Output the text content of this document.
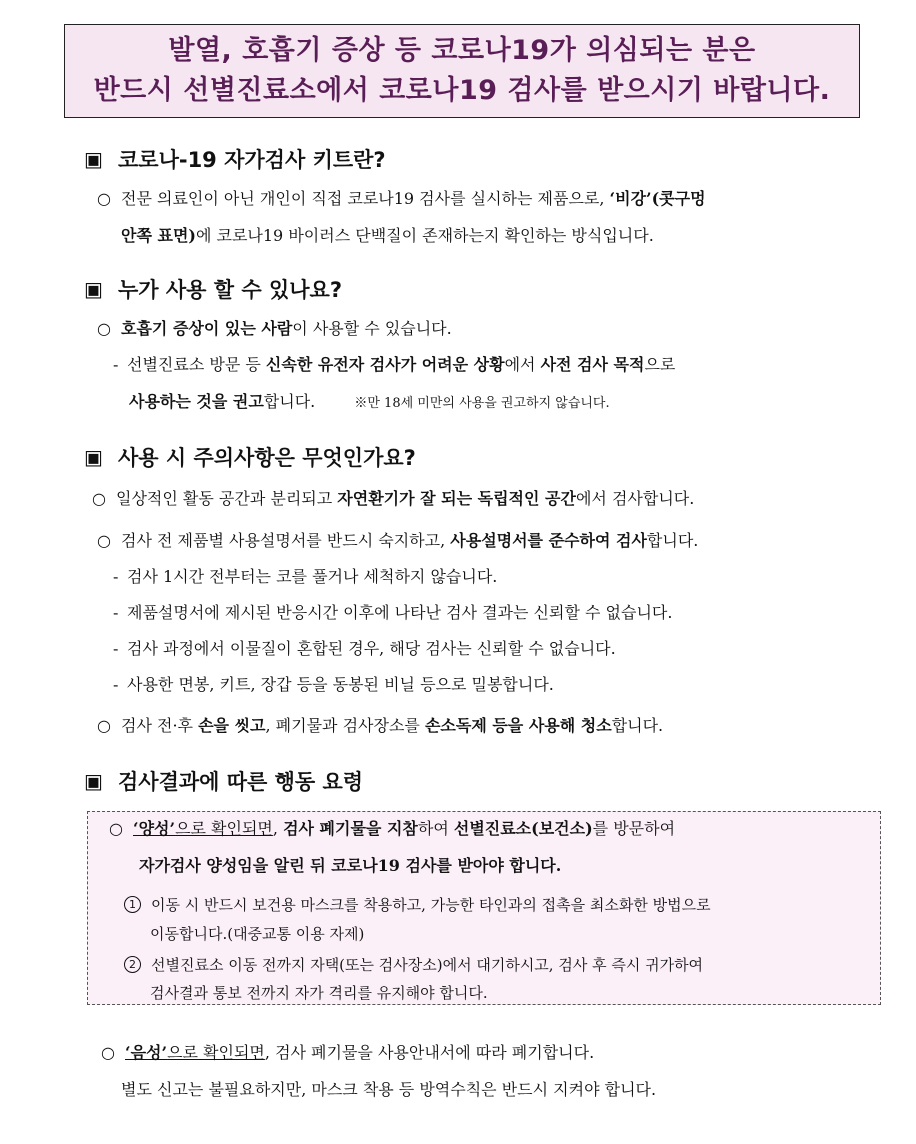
발열, 호흡기 증상 등 코로나19가 의심되는 분은
반드시 선별진료소에서 코로나19 검사를 받으시기 바랍니다.
▣ 코로나-19 자가검사 키트란?
○ 전문 의료인이 아닌 개인이 직접 코로나19 검사를 실시하는 제품으로, ‘비강’(콧구멍
안쪽 표면)에 코로나19 바이러스 단백질이 존재하는지 확인하는 방식입니다.
▣ 누가 사용 할 수 있나요?
○ 호흡기 증상이 있는 사람이 사용할 수 있습니다.
- 선별진료소 방문 등 신속한 유전자 검사가 어려운 상황에서 사전 검사 목적으로
사용하는 것을 권고합니다.	※만 18세 미만의 사용을 권고하지 않습니다.
▣ 사용 시 주의사항은 무엇인가요?
○ 일상적인 활동 공간과 분리되고 자연환기가 잘 되는 독립적인 공간에서 검사합니다.
○ 검사 전 제품별 사용설명서를 반드시 숙지하고, 사용설명서를 준수하여 검사합니다.
- 검사 1시간 전부터는 코를 풀거나 세척하지 않습니다.
- 제품설명서에 제시된 반응시간 이후에 나타난 검사 결과는 신뢰할 수 없습니다.
- 검사 과정에서 이물질이 혼합된 경우, 해당 검사는 신뢰할 수 없습니다.
- 사용한 면봉, 키트, 장갑 등을 동봉된 비닐 등으로 밀봉합니다.
○ 검사 전·후 손을 씻고, 폐기물과 검사장소를 손소독제 등을 사용해 청소합니다.
▣ 검사결과에 따른 행동 요령
○ ‘양성’으로 확인되면, 검사 폐기물을 지참하여 선별진료소(보건소)를 방문하여
자가검사 양성임을 알린 뒤 코로나19 검사를 받아야 합니다.
1 이동 시 반드시 보건용 마스크를 착용하고, 가능한 타인과의 접촉을 최소화한 방법으로
이동합니다.(대중교통 이용 자제)
2 선별진료소 이동 전까지 자택(또는 검사장소)에서 대기하시고, 검사 후 즉시 귀가하여
검사결과 통보 전까지 자가 격리를 유지해야 합니다.
○ ‘음성’으로 확인되면, 검사 폐기물을 사용안내서에 따라 폐기합니다.
별도 신고는 불필요하지만, 마스크 착용 등 방역수칙은 반드시 지켜야 합니다.
